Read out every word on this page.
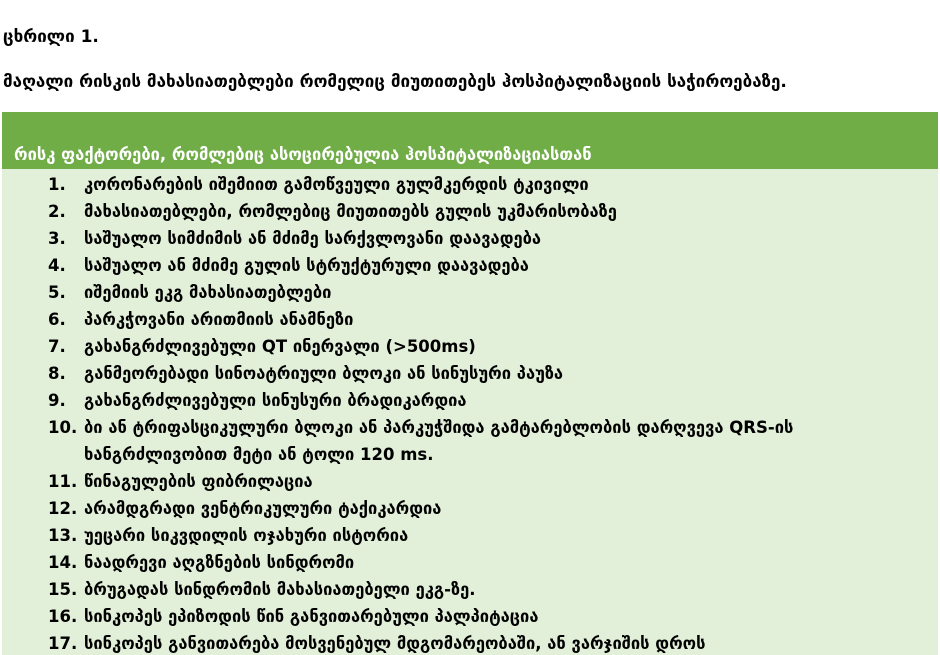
ცხრილი 1.
მაღალი რისკის მახასიათებლები რომელიც მიუთითებეს ჰოსპიტალიზაციის საჭიროებაზე.
რისკ ფაქტორები, რომლებიც ასოცირებულია ჰოსპიტალიზაციასთან
1.	კორონარების იშემიით გამოწვეული გულმკერდის ტკივილი
2.	მახასიათებლები, რომლებიც მიუთითებს გულის უკმარისობაზე
3.	საშუალო სიმძიმის ან მძიმე სარქვლოვანი დაავადება
4.	საშუალო ან მძიმე გულის სტრუქტურული დაავადება
5.	იშემიის ეკგ მახასიათებლები
6.	პარკჭოვანი არითმიის ანამნეზი
7.	გახანგრძლივებული QT ინერვალი (>500ms)
8.	განმეორებადი სინოატრიული ბლოკი ან სინუსური პაუზა
9.	გახანგრძლივებული სინუსური ბრადიკარდია
10. ბი ან ტრიფასციკულური ბლოკი ან პარკუჭშიდა გამტარებლობის დარღვევა QRS-ის ხანგრძლივობით მეტი ან ტოლი 120 ms.
11. წინაგულების ფიბრილაცია
12. არამდგრადი ვენტრიკულური ტაქიკარდია
13. უეცარი სიკვდილის ოჯახური ისტორია
14. ნაადრევი აღგზნების სინდრომი
15. ბრუგადას სინდრომის მახასიათებელი ეკგ-ზე.
16. სინკოპეს ეპიზოდის წინ განვითარებული პალპიტაცია
17. სინკოპეს განვითარება მოსვენებულ მდგომარეობაში, ან ვარჯიშის დროს
